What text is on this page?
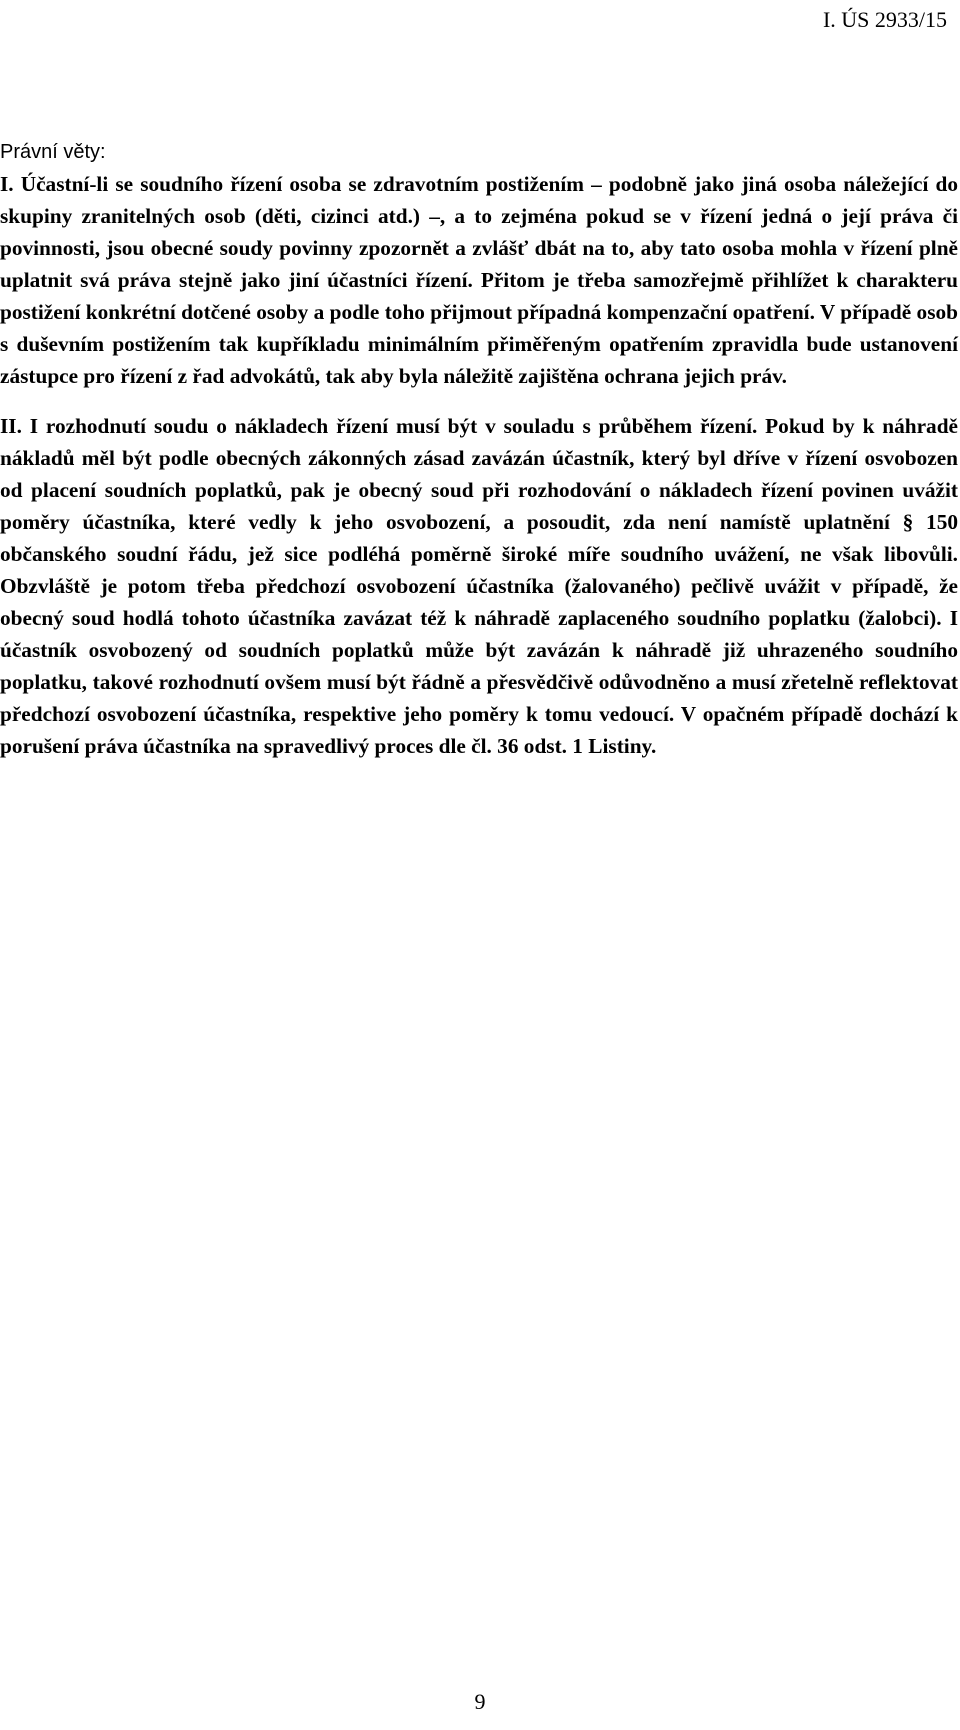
I. ÚS 2933/15

Právní věty:

I. Účastní-li se soudního řízení osoba se zdravotním postižením – podobně jako jiná osoba náležející do skupiny zranitelných osob (děti, cizinci atd.) –, a to zejména pokud se v řízení jedná o její práva či povinnosti, jsou obecné soudy povinny zpozornět a zvlášť dbát na to, aby tato osoba mohla v řízení plně uplatnit svá práva stejně jako jiní účastníci řízení. Přitom je třeba samozřejmě přihlížet k charakteru postižení konkrétní dotčené osoby a podle toho přijmout případná kompenzační opatření. V případě osob s duševním postižením tak kupříkladu minimálním přiměřeným opatřením zpravidla bude ustanovení zástupce pro řízení z řad advokátů, tak aby byla náležitě zajištěna ochrana jejich práv.

II. I rozhodnutí soudu o nákladech řízení musí být v souladu s průběhem řízení. Pokud by k náhradě nákladů měl být podle obecných zákonných zásad zavázán účastník, který byl dříve v řízení osvobozen od placení soudních poplatků, pak je obecný soud při rozhodování o nákladech řízení povinen uvážit poměry účastníka, které vedly k jeho osvobození, a posoudit, zda není namístě uplatnění § 150 občanského soudní řádu, jež sice podléhá poměrně široké míře soudního uvážení, ne však libovůli. Obzvláště je potom třeba předchozí osvobození účastníka (žalovaného) pečlivě uvážit v případě, že obecný soud hodlá tohoto účastníka zavázat též k náhradě zaplaceného soudního poplatku (žalobci). I účastník osvobozený od soudních poplatků může být zavázán k náhradě již uhrazeného soudního poplatku, takové rozhodnutí ovšem musí být řádně a přesvědčivě odůvodněno a musí zřetelně reflektovat předchozí osvobození účastníka, respektive jeho poměry k tomu vedoucí. V opačném případě dochází k porušení práva účastníka na spravedlivý proces dle čl. 36 odst. 1 Listiny.

9
